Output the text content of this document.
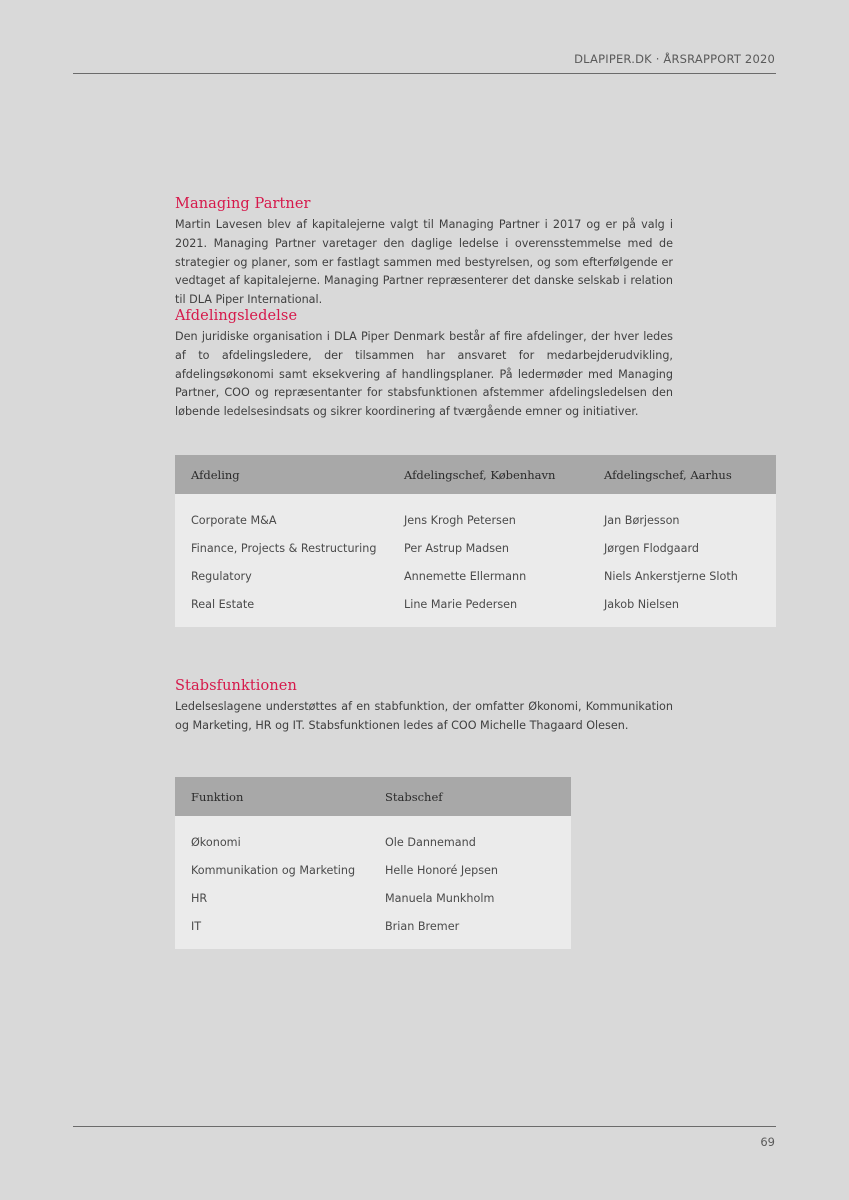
DLAPIPER.DK · ÅRSRAPPORT 2020
Managing Partner

Martin Lavesen blev af kapitalejerne valgt til Managing Partner i 2017 og er på valg i 2021. Managing Partner varetager den daglige ledelse i overensstemmelse med de strategier og planer, som er fastlagt sammen med bestyrelsen, og som efterfølgende er vedtaget af kapitalejerne. Managing Partner repræsenterer det danske selskab i relation til DLA Piper International.

Afdelingsledelse

Den juridiske organisation i DLA Piper Denmark består af fire afdelinger, der hver ledes af to afdelingsledere, der tilsammen har ansvaret for medarbejderudvikling, afdelingsøkonomi samt eksekvering af handlingsplaner. På ledermøder med Managing Partner, COO og repræsentanter for stabsfunktionen afstemmer afdelingsledelsen den løbende ledelsesindsats og sikrer koordinering af tværgående emner og initiativer.

Afdeling	Afdelingschef, København	Afdelingschef, Aarhus
Corporate M&A	Jens Krogh Petersen	Jan Børjesson
Finance, Projects & Restructuring	Per Astrup Madsen	Jørgen Flodgaard
Regulatory	Annemette Ellermann	Niels Ankerstjerne Sloth
Real Estate	Line Marie Pedersen	Jakob Nielsen
Stabsfunktionen

Ledelseslagene understøttes af en stabfunktion, der omfatter Økonomi, Kommunikation og Marketing, HR og IT. Stabsfunktionen ledes af COO Michelle Thagaard Olesen.

Funktion	Stabschef
Økonomi	Ole Dannemand
Kommunikation og Marketing	Helle Honoré Jepsen
HR	Manuela Munkholm
IT	Brian Bremer
69
